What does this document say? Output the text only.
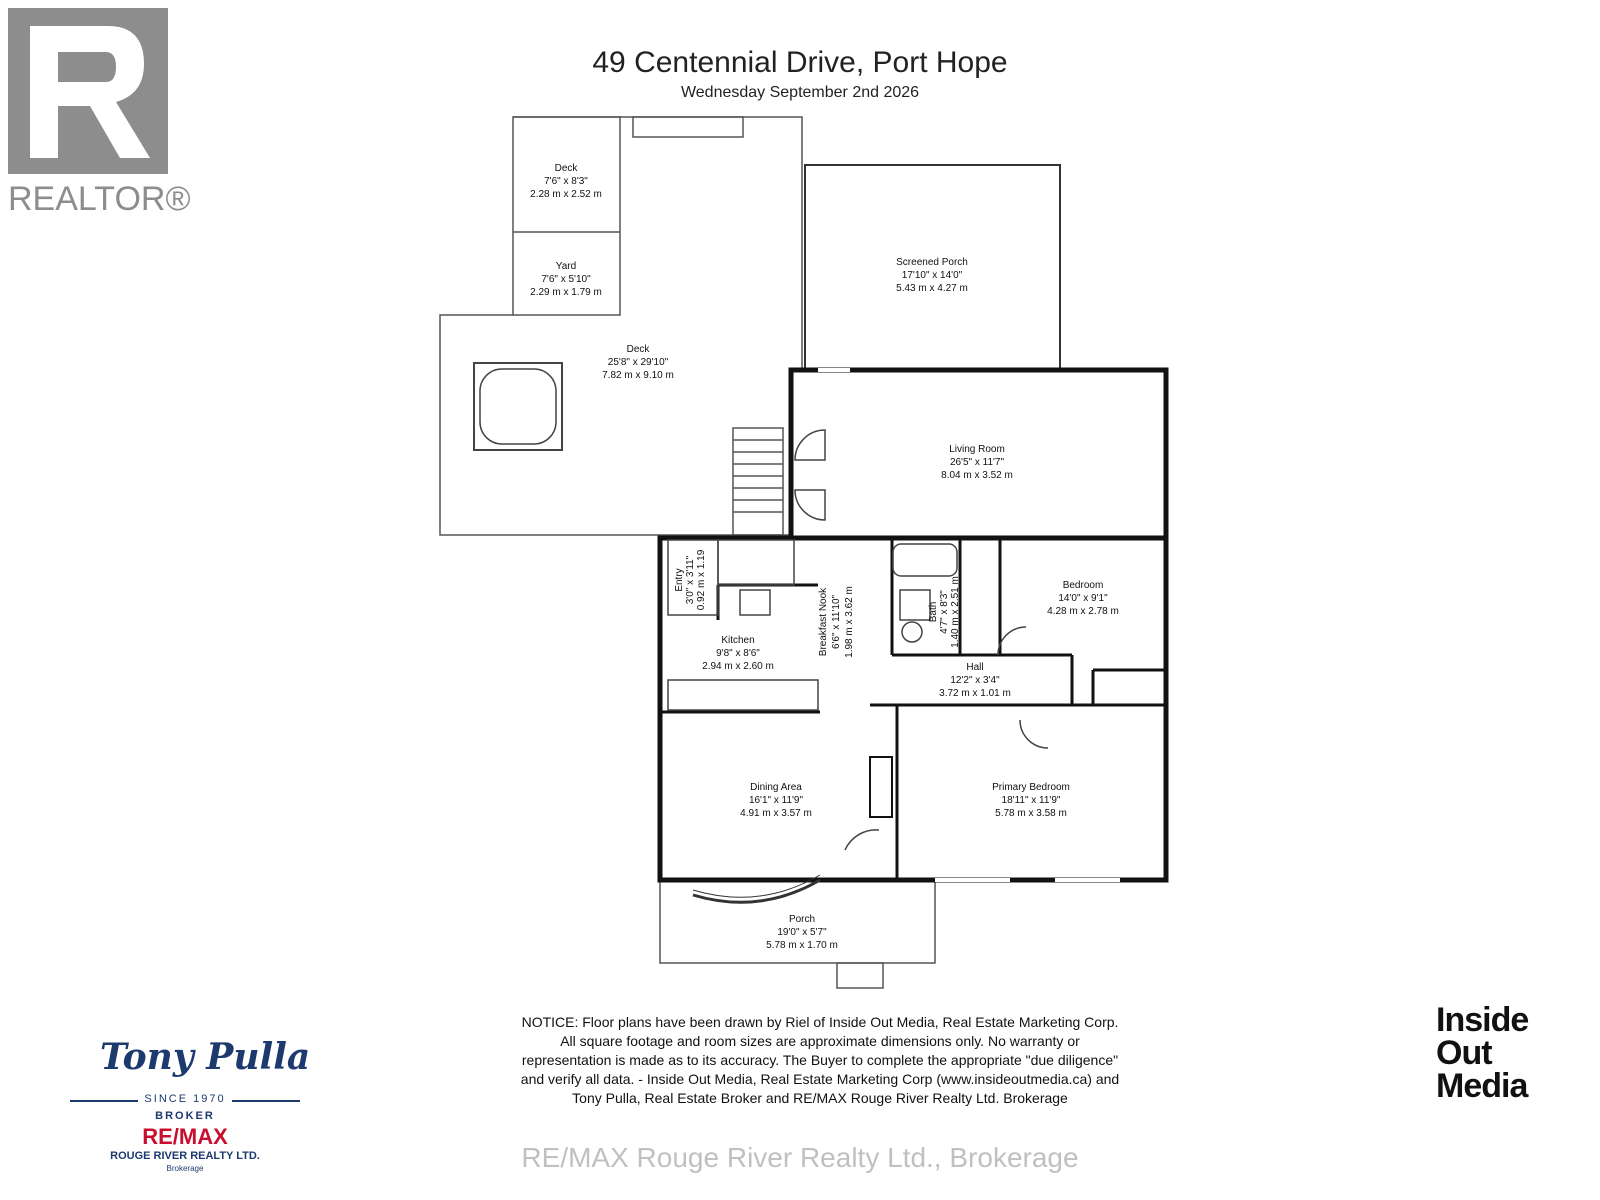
REALTOR®
49 Centennial Drive, Port Hope
Wednesday September 2nd 2026
Deck
7'6" x 8'3"
2.28 m x 2.52 m
Yard
7'6" x 5'10"
2.29 m x 1.79 m
Deck
25'8" x 29'10"
7.82 m x 9.10 m
Screened Porch
17'10" x 14'0"
5.43 m x 4.27 m
Living Room
26'5" x 11'7"
8.04 m x 3.52 m
Entry 3'0" x 3'11" 0.92 m x 1.19
Breakfast Nook 6'6" x 11'10" 1.98 m x 3.62 m	Bath 4'7" x 8'3" 1.40 m x 2.51 m	Bedroom
14'0" x 9'1"
4.28 m x 2.78 m
Kitchen
9'8" x 8'6"
2.94 m x 2.60 m	Hall
12'2" x 3'4"
3.72 m x 1.01 m
Dining Area
16'1" x 11'9"
4.91 m x 3.57 m
Primary Bedroom
18'11" x 11'9"
5.78 m x 3.58 m
Porch
19'0" x 5'7"
5.78 m x 1.70 m
NOTICE: Floor plans have been drawn by Riel of Inside Out Media, Real Estate Marketing Corp. All square footage and room sizes are approximate dimensions only. No warranty or representation is made as to its accuracy. The Buyer to complete the appropriate "due diligence" and verify all data. - Inside Out Media, Real Estate Marketing Corp (www.insideoutmedia.ca) and Tony Pulla, Real Estate Broker and RE/MAX Rouge River Realty Ltd. Brokerage
Tony Pulla
SINCE 1970
BROKER
RE/MAX
ROUGE RIVER REALTY LTD.
Brokerage
Inside
Out
Media
RE/MAX Rouge River Realty Ltd., Brokerage
